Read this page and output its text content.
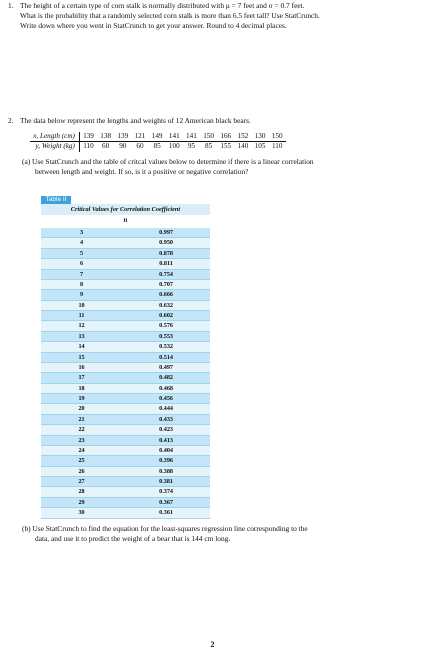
1. The height of a certain type of corn stalk is normally distributed with μ = 7 feet and σ = 0.7 feet.
What is the probability that a randomly selected corn stalk is more than 6.5 feet tall? Use StatCrunch.
Write down where you went in StatCrunch to get your answer. Round to 4 decimal places.
2. The data below represent the lengths and weights of 12 American black bears.
x, Length (cm)	139	138	139	121	149	141	141	150	166	152	130	150
y, Weight (kg)	110	60	90	60	85	100	95	85	155	140	105	110
(a) Use StatCrunch and the table of critcal values below to determine if there is a linear correlation
between length and weight. If so, is it a positive or negative correlation?
Table II
Critical Values for Correlation Coefficient
n
3	0.997
4	0.950
5	0.878
6	0.811
7	0.754
8	0.707
9	0.666
10	0.632
11	0.602
12	0.576
13	0.553
14	0.532
15	0.514
16	0.497
17	0.482
18	0.468
19	0.456
20	0.444
21	0.433
22	0.423
23	0.413
24	0.404
25	0.396
26	0.388
27	0.381
28	0.374
29	0.367
30	0.361
(b) Use StatCrunch to find the equation for the least-squares regression line corresponding to the
data, and use it to predict the weight of a bear that is 144 cm long.
2
